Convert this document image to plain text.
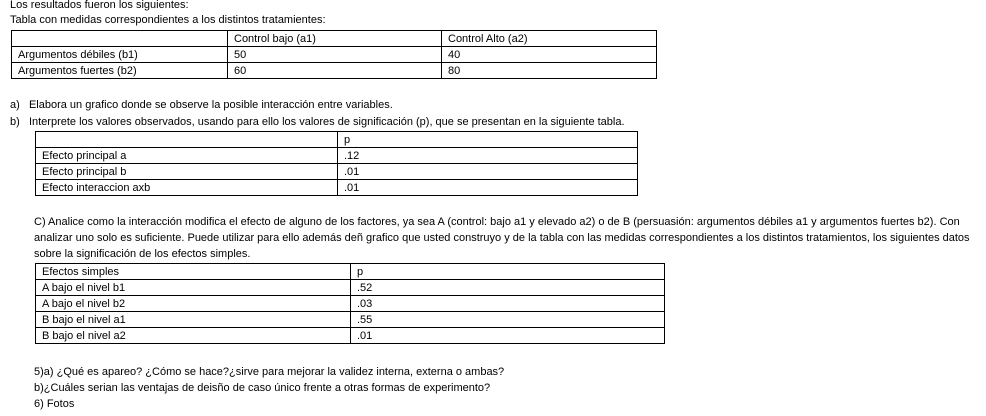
Los resultados fueron los siguientes:
Tabla con medidas correspondientes a los distintos tratamientes:
	Control bajo (a1)	Control Alto (a2)
Argumentos débiles (b1)	50	40
Argumentos fuertes (b2)	60	80
a)   Elabora un grafico donde se observe la posible interacción entre variables.
b)   Interprete los valores observados, usando para ello los valores de significación (p), que se presentan en la siguiente tabla.
	p
Efecto principal a	.12
Efecto principal b	.01
Efecto interaccion axb	.01
C) Analice como la interacción modifica el efecto de alguno de los factores, ya sea A (control: bajo a1 y elevado a2) o de B (persuasión: argumentos débiles a1 y argumentos fuertes b2). Con analizar uno solo es suficiente. Puede utilizar para ello además deñ grafico que usted construyo y de la tabla con las medidas correspondientes a los distintos tratamientos, los siguientes datos sobre la significación de los efectos simples.
Efectos simples	p
A bajo el nivel b1	.52
A bajo el nivel b2	.03
B bajo el nivel a1	.55
B bajo el nivel a2	.01
5)a) ¿Qué es apareo? ¿Cómo se hace?¿sirve para mejorar la validez interna, externa o ambas?
b)¿Cuáles serian las ventajas de deisño de caso único frente a otras formas de experimento?
6) Fotos
